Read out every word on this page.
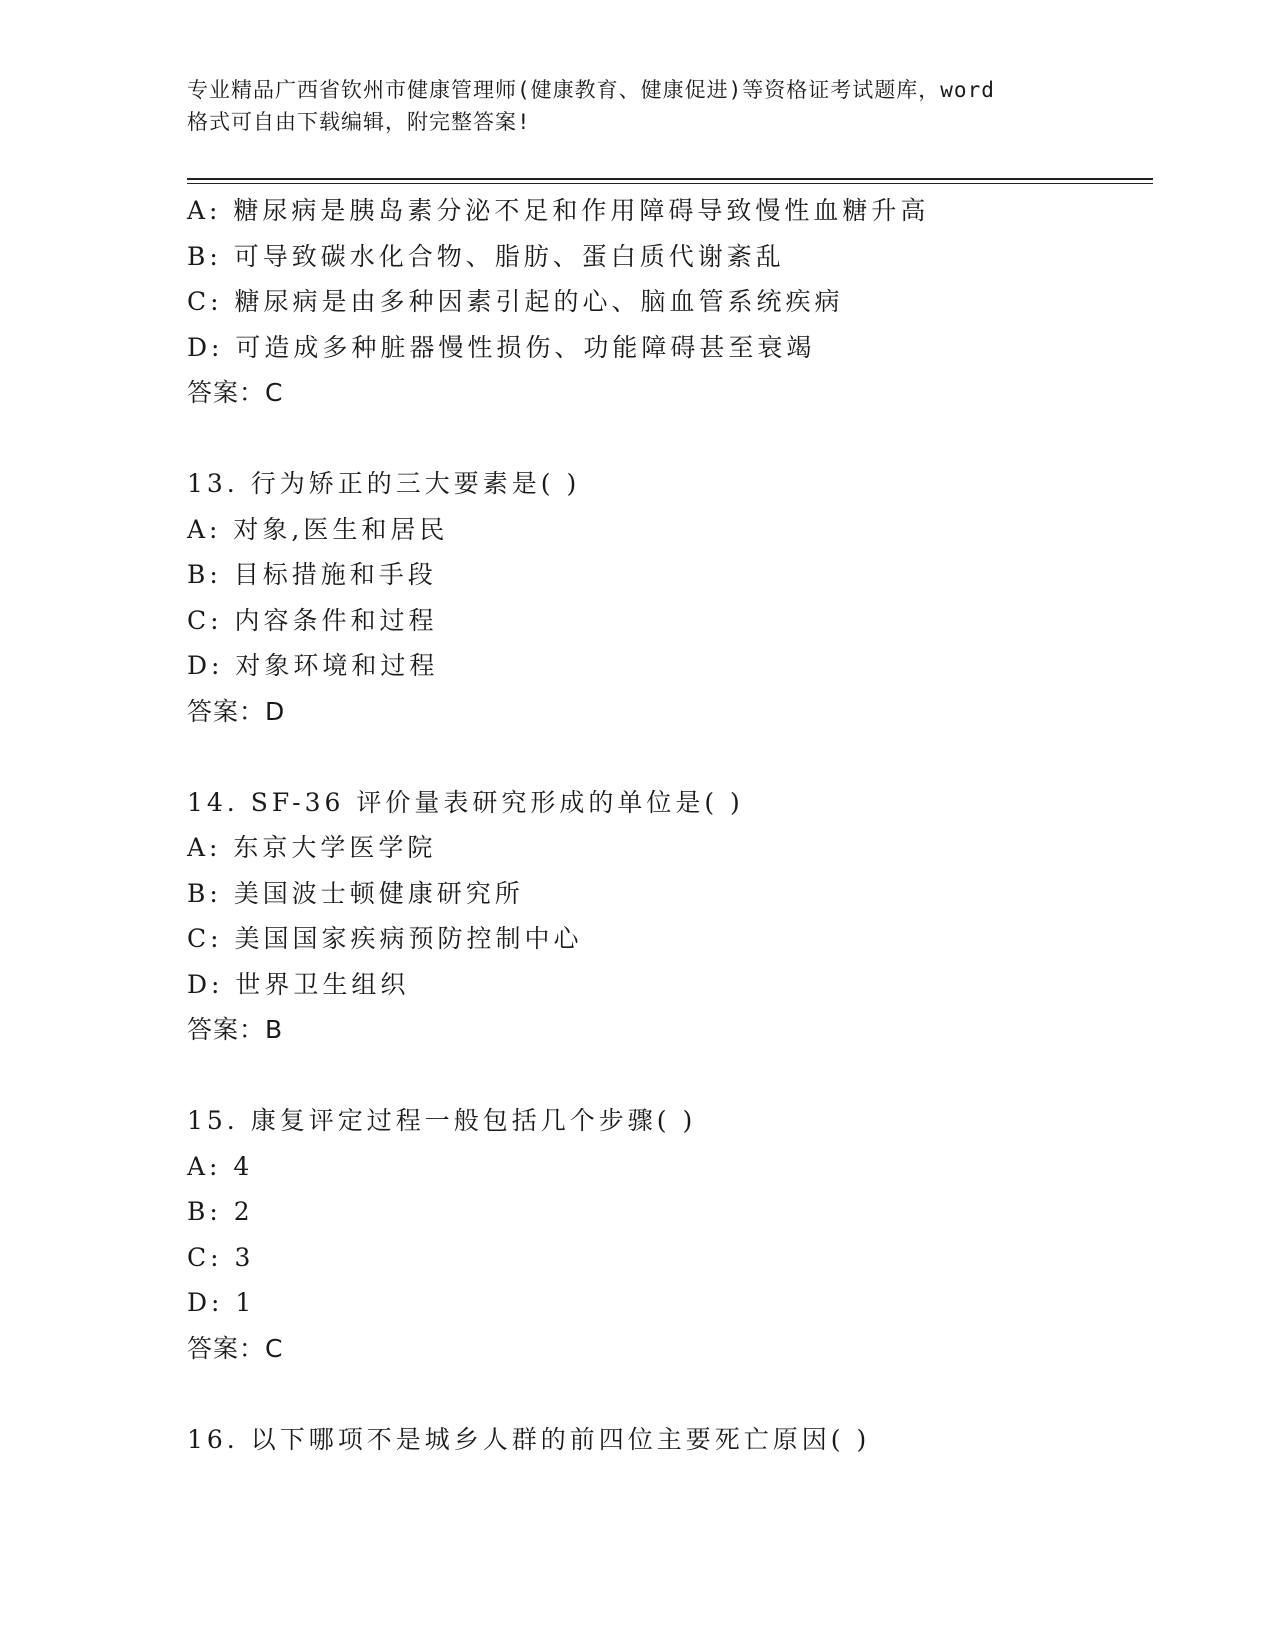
专业精品广西省钦州市健康管理师(健康教育、健康促进)等资格证考试题库，word
格式可自由下载编辑，附完整答案!
A: 糖尿病是胰岛素分泌不足和作用障碍导致慢性血糖升高
B: 可导致碳水化合物、脂肪、蛋白质代谢紊乱
C: 糖尿病是由多种因素引起的心、脑血管系统疾病
D: 可造成多种脏器慢性损伤、功能障碍甚至衰竭
答案：C
13. 行为矫正的三大要素是( )
A: 对象,医生和居民
B: 目标措施和手段
C: 内容条件和过程
D: 对象环境和过程
答案：D
14. SF-36 评价量表研究形成的单位是( )
A: 东京大学医学院
B: 美国波士顿健康研究所
C: 美国国家疾病预防控制中心
D: 世界卫生组织
答案：B
15. 康复评定过程一般包括几个步骤( )
A: 4
B: 2
C: 3
D: 1
答案：C
16. 以下哪项不是城乡人群的前四位主要死亡原因( )
